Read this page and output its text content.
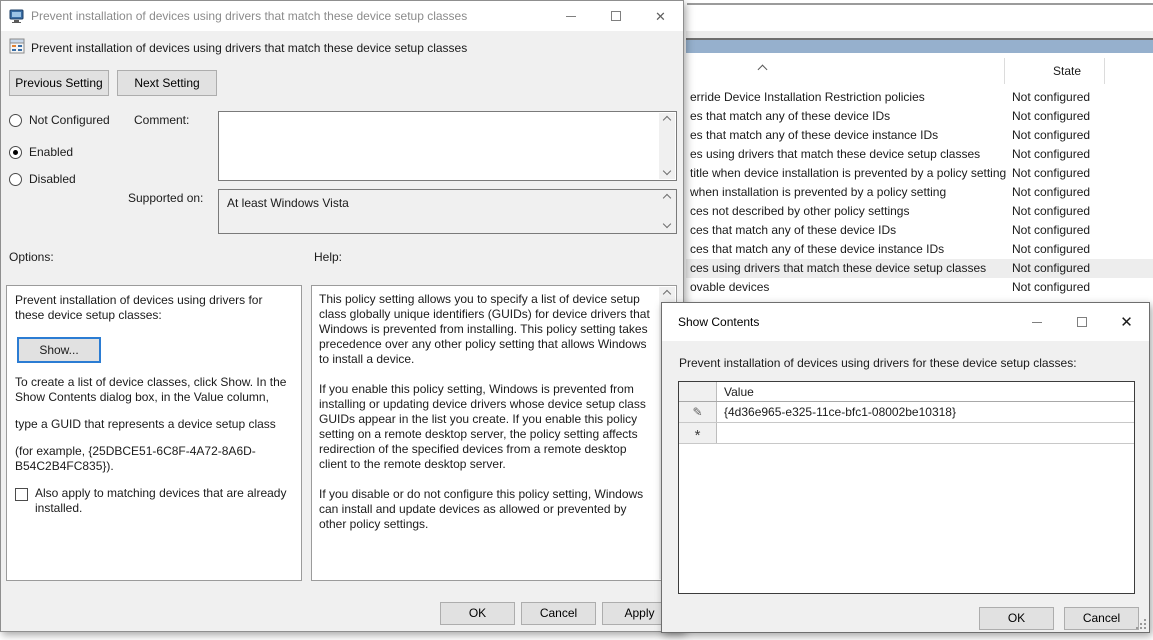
State
erride Device Installation Restriction policies	Not configured
es that match any of these device IDs	Not configured
es that match any of these device instance IDs	Not configured
es using drivers that match these device setup classes	Not configured
title when device installation is prevented by a policy setting Not configured
when installation is prevented by a policy setting	Not configured
ces not described by other policy settings	Not configured
ces that match any of these device IDs	Not configured
ces that match any of these device instance IDs	Not configured
ces using drivers that match these device setup classes Not configured
ovable devices	Not configured
Prevent installation of devices using drivers that match these device setup classes	✕
Prevent installation of devices using drivers that match these device setup classes
Previous Setting	Next Setting
Not Configured
Enabled
Disabled
Comment:
Supported on: At least Windows Vista
Options:	Help:
Prevent installation of devices using drivers for these device setup classes:
Show...
To create a list of device classes, click Show. In the Show Contents dialog box, in the Value column,
type a GUID that represents a device setup class
(for example, {25DBCE51-6C8F-4A72-8A6D-B54C2B4FC835}).
Also apply to matching devices that are already installed.
This policy setting allows you to specify a list of device setup class globally unique identifiers (GUIDs) for device drivers that Windows is prevented from installing. This policy setting takes precedence over any other policy setting that allows Windows to install a device.
If you enable this policy setting, Windows is prevented from installing or updating device drivers whose device setup class GUIDs appear in the list you create. If you enable this policy setting on a remote desktop server, the policy setting affects redirection of the specified devices from a remote desktop client to the remote desktop server.
If you disable or do not configure this policy setting, Windows can install and update devices as allowed or prevented by other policy settings.
OK	Cancel	Apply
Show Contents	✕
Prevent installation of devices using drivers for these device setup classes:
Value
✎	{4d36e965-e325-11ce-bfc1-08002be10318}
*
OK	Cancel
